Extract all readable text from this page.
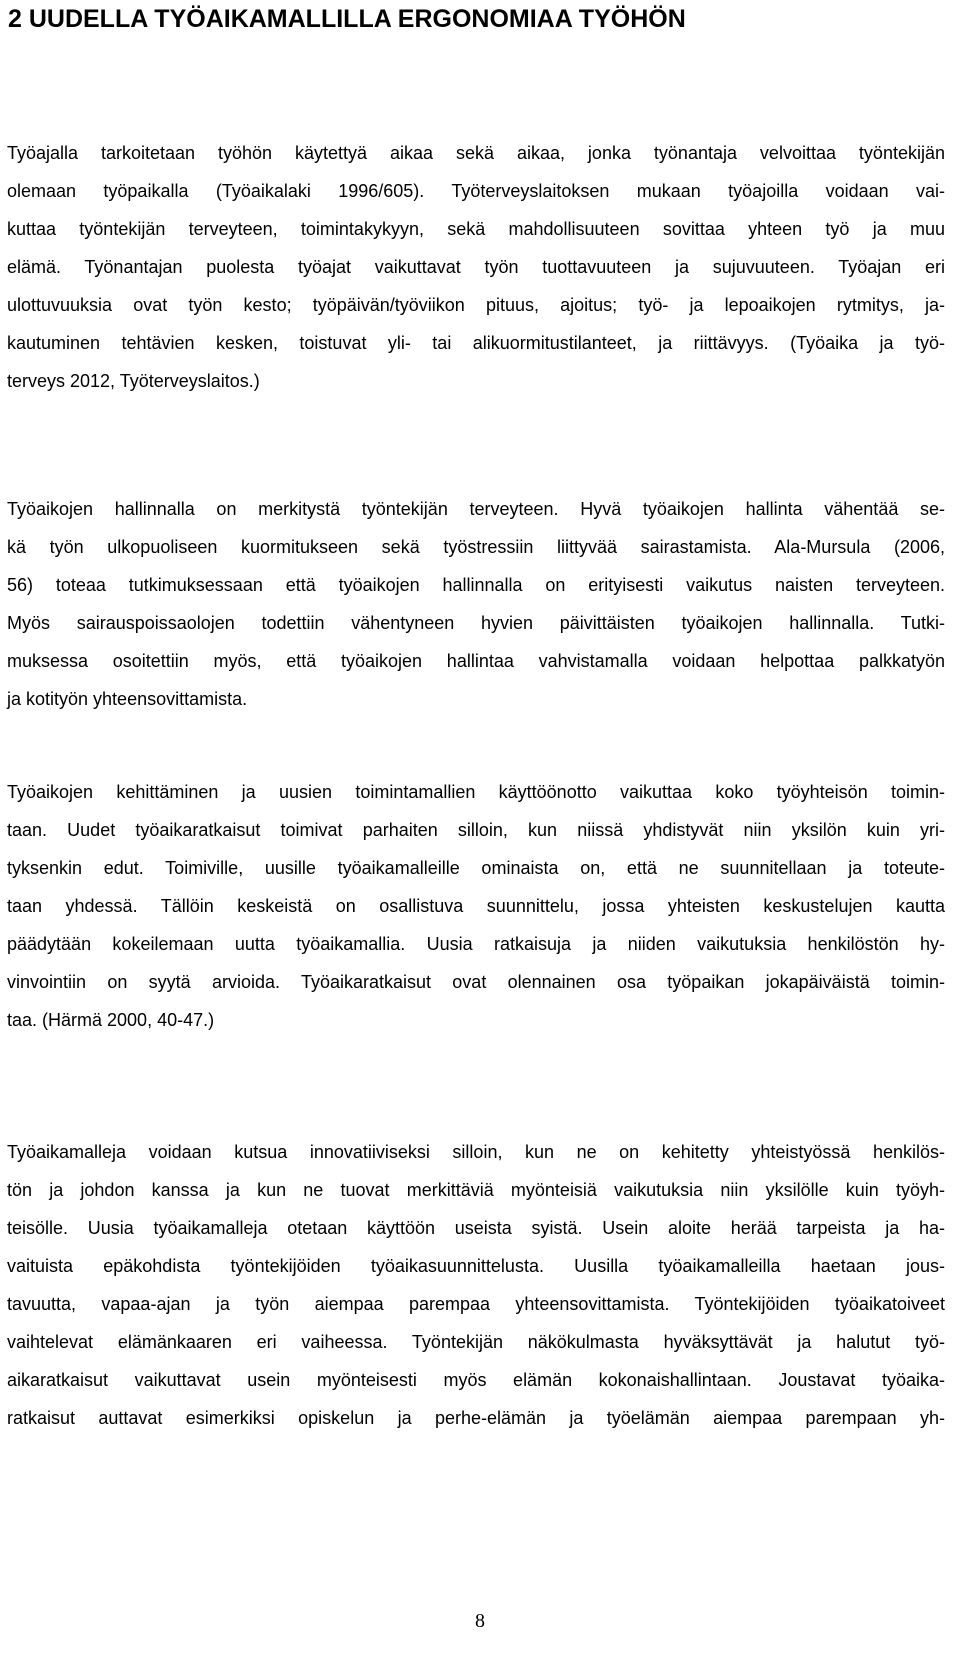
2 UUDELLA TYÖAIKAMALLILLA ERGONOMIAA TYÖHÖN
Työajalla tarkoitetaan työhön käytettyä aikaa sekä aikaa, jonka työnantaja velvoittaa työntekijän
olemaan työpaikalla (Työaikalaki 1996/605). Työterveyslaitoksen mukaan työajoilla voidaan vai-
kuttaa työntekijän terveyteen, toimintakykyyn, sekä mahdollisuuteen sovittaa yhteen työ ja muu
elämä. Työnantajan puolesta työajat vaikuttavat työn tuottavuuteen ja sujuvuuteen. Työajan eri
ulottuvuuksia ovat työn kesto; työpäivän/työviikon pituus, ajoitus; työ- ja lepoaikojen rytmitys, ja-
kautuminen tehtävien kesken, toistuvat yli- tai alikuormitustilanteet, ja riittävyys. (Työaika ja työ-
terveys 2012, Työterveyslaitos.)
Työaikojen hallinnalla on merkitystä työntekijän terveyteen. Hyvä työaikojen hallinta vähentää se-
kä työn ulkopuoliseen kuormitukseen sekä työstressiin liittyvää sairastamista. Ala-Mursula (2006,
56) toteaa tutkimuksessaan että työaikojen hallinnalla on erityisesti vaikutus naisten terveyteen.
Myös sairauspoissaolojen todettiin vähentyneen hyvien päivittäisten työaikojen hallinnalla. Tutki-
muksessa osoitettiin myös, että työaikojen hallintaa vahvistamalla voidaan helpottaa palkkatyön
ja kotityön yhteensovittamista.
Työaikojen kehittäminen ja uusien toimintamallien käyttöönotto vaikuttaa koko työyhteisön toimin-
taan. Uudet työaikaratkaisut toimivat parhaiten silloin, kun niissä yhdistyvät niin yksilön kuin yri-
tyksenkin edut. Toimiville, uusille työaikamalleille ominaista on, että ne suunnitellaan ja toteute-
taan yhdessä. Tällöin keskeistä on osallistuva suunnittelu, jossa yhteisten keskustelujen kautta
päädytään kokeilemaan uutta työaikamallia. Uusia ratkaisuja ja niiden vaikutuksia henkilöstön hy-
vinvointiin on syytä arvioida. Työaikaratkaisut ovat olennainen osa työpaikan jokapäiväistä toimin-
taa. (Härmä 2000, 40-47.)
Työaikamalleja voidaan kutsua innovatiiviseksi silloin, kun ne on kehitetty yhteistyössä henkilös-
tön ja johdon kanssa ja kun ne tuovat merkittäviä myönteisiä vaikutuksia niin yksilölle kuin työyh-
teisölle. Uusia työaikamalleja otetaan käyttöön useista syistä. Usein aloite herää tarpeista ja ha-
vaituista epäkohdista työntekijöiden työaikasuunnittelusta. Uusilla työaikamalleilla haetaan jous-
tavuutta, vapaa-ajan ja työn aiempaa parempaa yhteensovittamista. Työntekijöiden työaikatoiveet
vaihtelevat elämänkaaren eri vaiheessa. Työntekijän näkökulmasta hyväksyttävät ja halutut työ-
aikaratkaisut vaikuttavat usein myönteisesti myös elämän kokonaishallintaan. Joustavat työaika-
ratkaisut auttavat esimerkiksi opiskelun ja perhe-elämän ja työelämän aiempaa parempaan yh-

8
